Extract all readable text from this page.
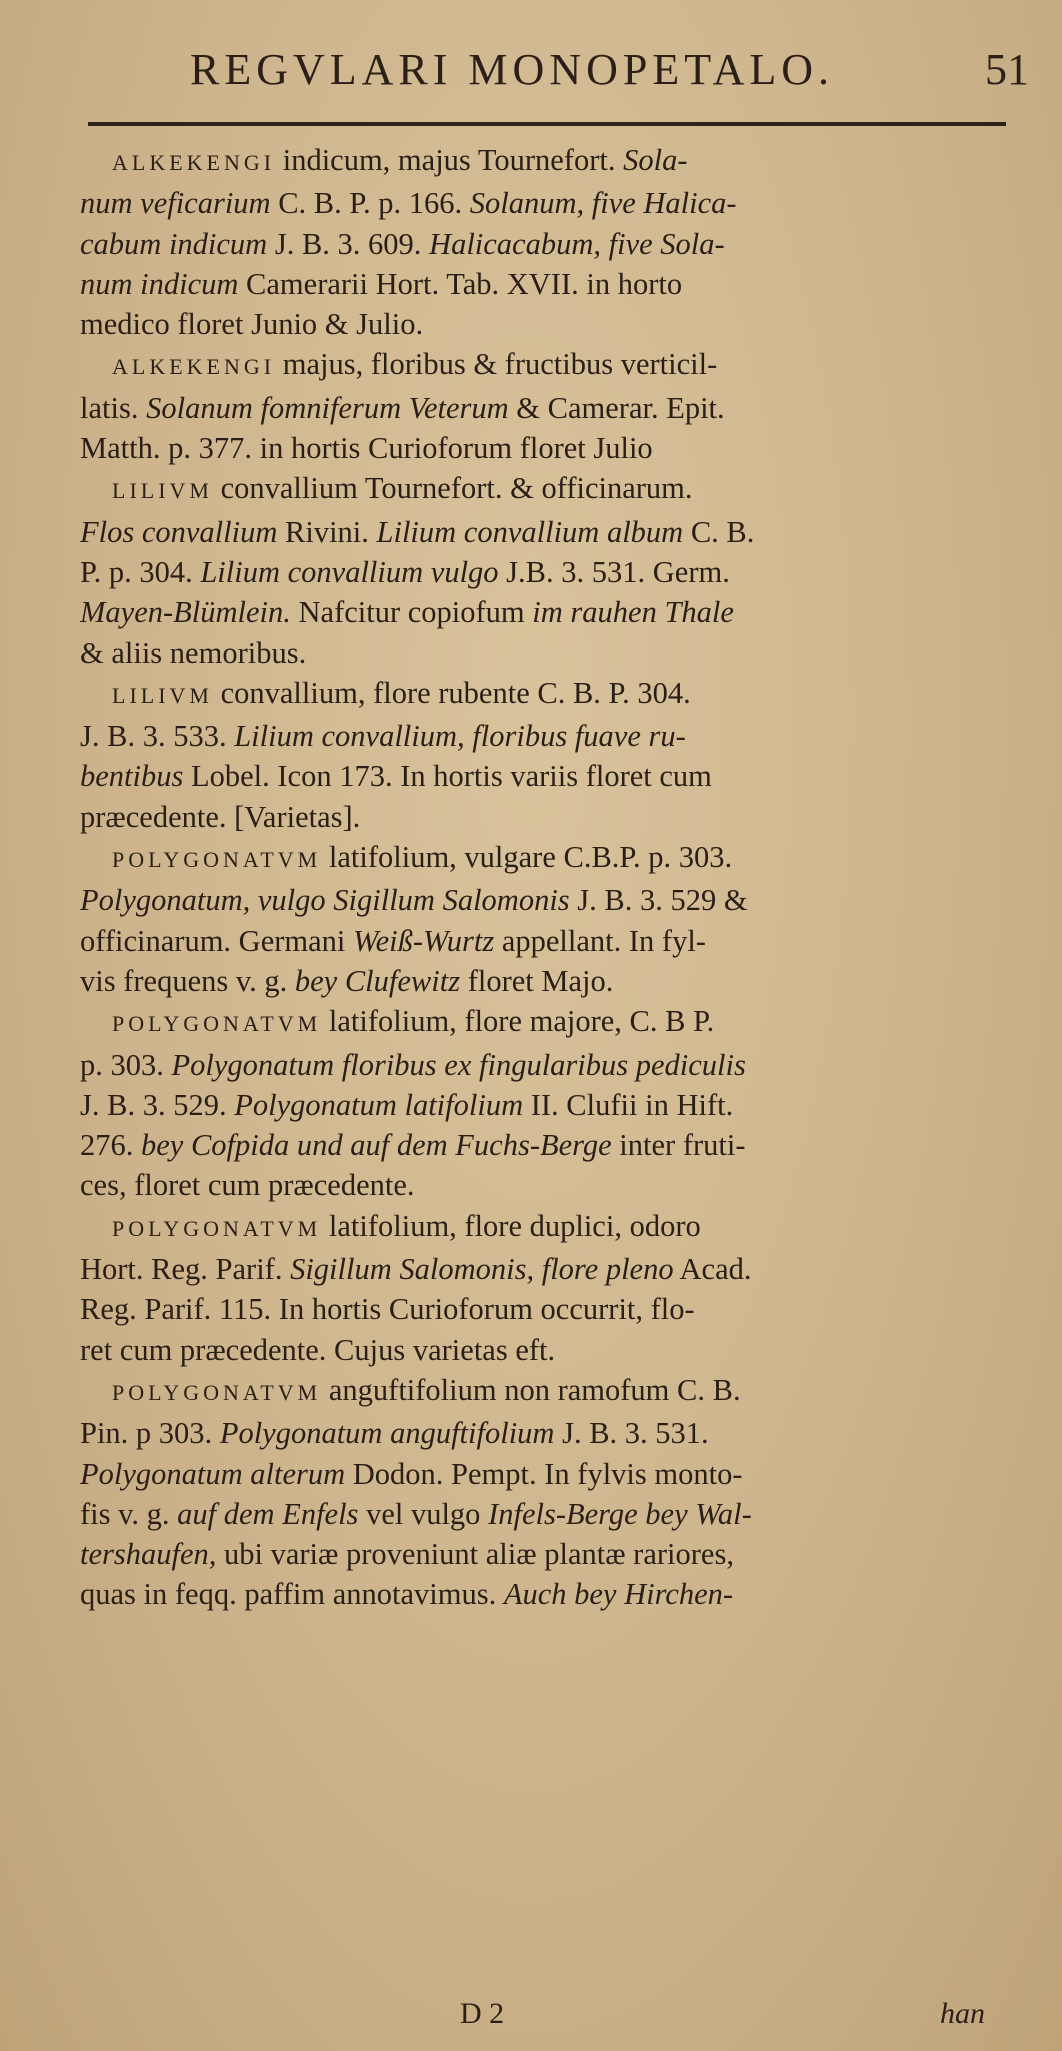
REGVLARI MONOPETALO.	51
ALKEKENGI indicum, majus Tournefort. Sola-
num veficarium C. B. P. p. 166. Solanum, five Halica-
cabum indicum J. B. 3. 609. Halicacabum, five Sola-
num indicum Camerarii Hort. Tab. XVII. in horto
medico floret Junio & Julio.
ALKEKENGI majus, floribus & fructibus verticil-
latis. Solanum fomniferum Veterum & Camerar. Epit.
Matth. p. 377. in hortis Curioforum floret Julio
LILIVM convallium Tournefort. & officinarum.
Flos convallium Rivini. Lilium convallium album C. B.
P. p. 304. Lilium convallium vulgo J.B. 3. 531. Germ.
Mayen-Blümlein. Nafcitur copiofum im rauhen Thale
& aliis nemoribus.
LILIVM convallium, flore rubente C. B. P. 304.
J. B. 3. 533. Lilium convallium, floribus fuave ru-
bentibus Lobel. Icon 173. In hortis variis floret cum
præcedente. [Varietas].
POLYGONATVM latifolium, vulgare C.B.P. p. 303.
Polygonatum, vulgo Sigillum Salomonis J. B. 3. 529 &
officinarum. Germani Weiß-Wurtz appellant. In fyl-
vis frequens v. g. bey Clufewitz floret Majo.
POLYGONATVM latifolium, flore majore, C. B P.
p. 303. Polygonatum floribus ex fingularibus pediculis
J. B. 3. 529. Polygonatum latifolium II. Clufii in Hift.
276. bey Cofpida und auf dem Fuchs-Berge inter fruti-
ces, floret cum præcedente.
POLYGONATVM latifolium, flore duplici, odoro
Hort. Reg. Parif. Sigillum Salomonis, flore pleno Acad.
Reg. Parif. 115. In hortis Curioforum occurrit, flo-
ret cum præcedente. Cujus varietas eft.
POLYGONATVM anguftifolium non ramofum C. B.
Pin. p 303. Polygonatum anguftifolium J. B. 3. 531.
Polygonatum alterum Dodon. Pempt. In fylvis monto-
fis v. g. auf dem Enfels vel vulgo Infels-Berge bey Wal-
tershaufen, ubi variæ proveniunt aliæ plantæ rariores,
quas in feqq. paffim annotavimus. Auch bey Hirchen-
D 2	han
